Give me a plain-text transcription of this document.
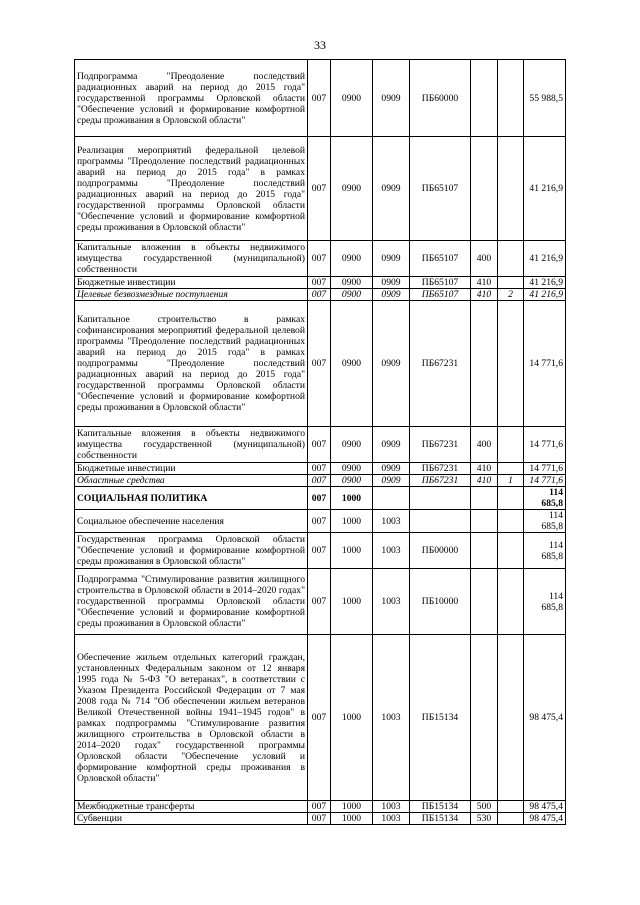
33
Подпрограмма "Преодоление последствий радиационных аварий на период до 2015 года" государственной программы Орловской области "Обеспечение условий и формирование комфортной среды проживания в Орловской области"	007	0900	0909	ПБ60000			55 988,5
Реализация мероприятий федеральной целевой программы "Преодоление последствий радиационных аварий на период до 2015 года" в рамках подпрограммы "Преодоление последствий радиационных аварий на период до 2015 года" государственной программы Орловской области "Обеспечение условий и формирование комфортной среды проживания в Орловской области"	007	0900	0909	ПБ65107			41 216,9
Капитальные вложения в объекты недвижимого имущества государственной (муниципальной) собственности	007	0900	0909	ПБ65107	400		41 216,9
Бюджетные инвестиции	007	0900	0909	ПБ65107	410		41 216,9
Целевые безвозмездные поступления	007	0900	0909	ПБ65107	410	2	41 216,9
Капитальное строительство в рамках софинансирования мероприятий федеральной целевой программы "Преодоление последствий радиационных аварий на период до 2015 года" в рамках подпрограммы "Преодоление последствий радиационных аварий на период до 2015 года" государственной программы Орловской области "Обеспечение условий и формирование комфортной среды проживания в Орловской области"	007	0900	0909	ПБ67231			14 771,6
Капитальные вложения в объекты недвижимого имущества государственной (муниципальной) собственности	007	0900	0909	ПБ67231	400		14 771,6
Бюджетные инвестиции	007	0900	0909	ПБ67231	410		14 771,6
Областные средства	007	0900	0909	ПБ67231	410	1	14 771,6
СОЦИАЛЬНАЯ ПОЛИТИКА	007	1000					114 685,8
Социальное обеспечение населения	007	1000	1003				114 685,8
Государственная программа Орловской области "Обеспечение условий и формирование комфортной среды проживания в Орловской области"	007	1000	1003	ПБ00000			114 685,8
Подпрограмма "Стимулирование развития жилищного строительства в Орловской области в 2014–2020 годах" государственной программы Орловской области "Обеспечение условий и формирование комфортной среды проживания в Орловской области"	007	1000	1003	ПБ10000			114 685,8
Обеспечение жильем отдельных категорий граждан, установленных Федеральным законом от 12 января 1995 года № 5-ФЗ "О ветеранах", в соответствии с Указом Президента Российской Федерации от 7 мая 2008 года № 714 "Об обеспечении жильем ветеранов Великой Отечественной войны 1941–1945 годов" в рамках подпрограммы "Стимулирование развития жилищного строительства в Орловской области в 2014–2020 годах" государственной программы Орловской области "Обеспечение условий и формирование комфортной среды проживания в Орловской области"	007	1000	1003	ПБ15134			98 475,4
Межбюджетные трансферты	007	1000	1003	ПБ15134	500		98 475,4
Субвенции	007	1000	1003	ПБ15134	530		98 475,4
